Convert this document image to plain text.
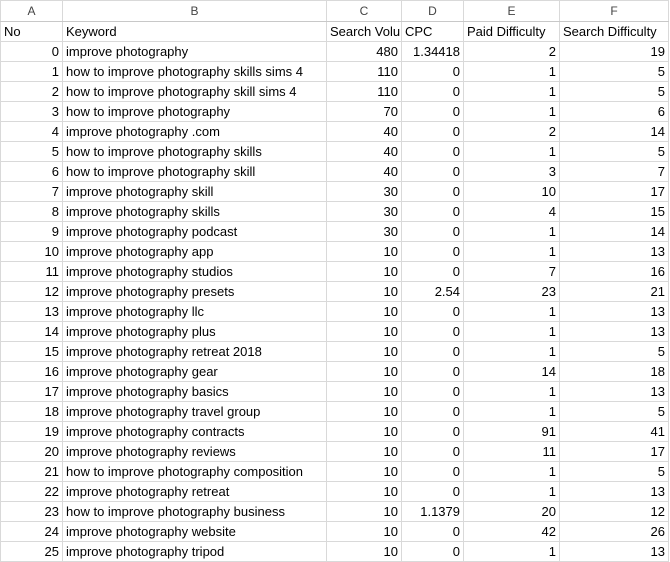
A	B	C	D	E	F
No	Keyword	Search Volu	CPC	Paid Difficulty	Search Difficulty
0	improve photography	480	1.34418	2	19
1	how to improve photography skills sims 4	110	0	1	5
2	how to improve photography skill sims 4	110	0	1	5
3	how to improve photography	70	0	1	6
4	improve photography .com	40	0	2	14
5	how to improve photography skills	40	0	1	5
6	how to improve photography skill	40	0	3	7
7	improve photography skill	30	0	10	17
8	improve photography skills	30	0	4	15
9	improve photography podcast	30	0	1	14
10	improve photography app	10	0	1	13
11	improve photography studios	10	0	7	16
12	improve photography presets	10	2.54	23	21
13	improve photography llc	10	0	1	13
14	improve photography plus	10	0	1	13
15	improve photography retreat 2018	10	0	1	5
16	improve photography gear	10	0	14	18
17	improve photography basics	10	0	1	13
18	improve photography travel group	10	0	1	5
19	improve photography contracts	10	0	91	41
20	improve photography reviews	10	0	11	17
21	how to improve photography composition	10	0	1	5
22	improve photography retreat	10	0	1	13
23	how to improve photography business	10	1.1379	20	12
24	improve photography website	10	0	42	26
25	improve photography tripod	10	0	1	13
